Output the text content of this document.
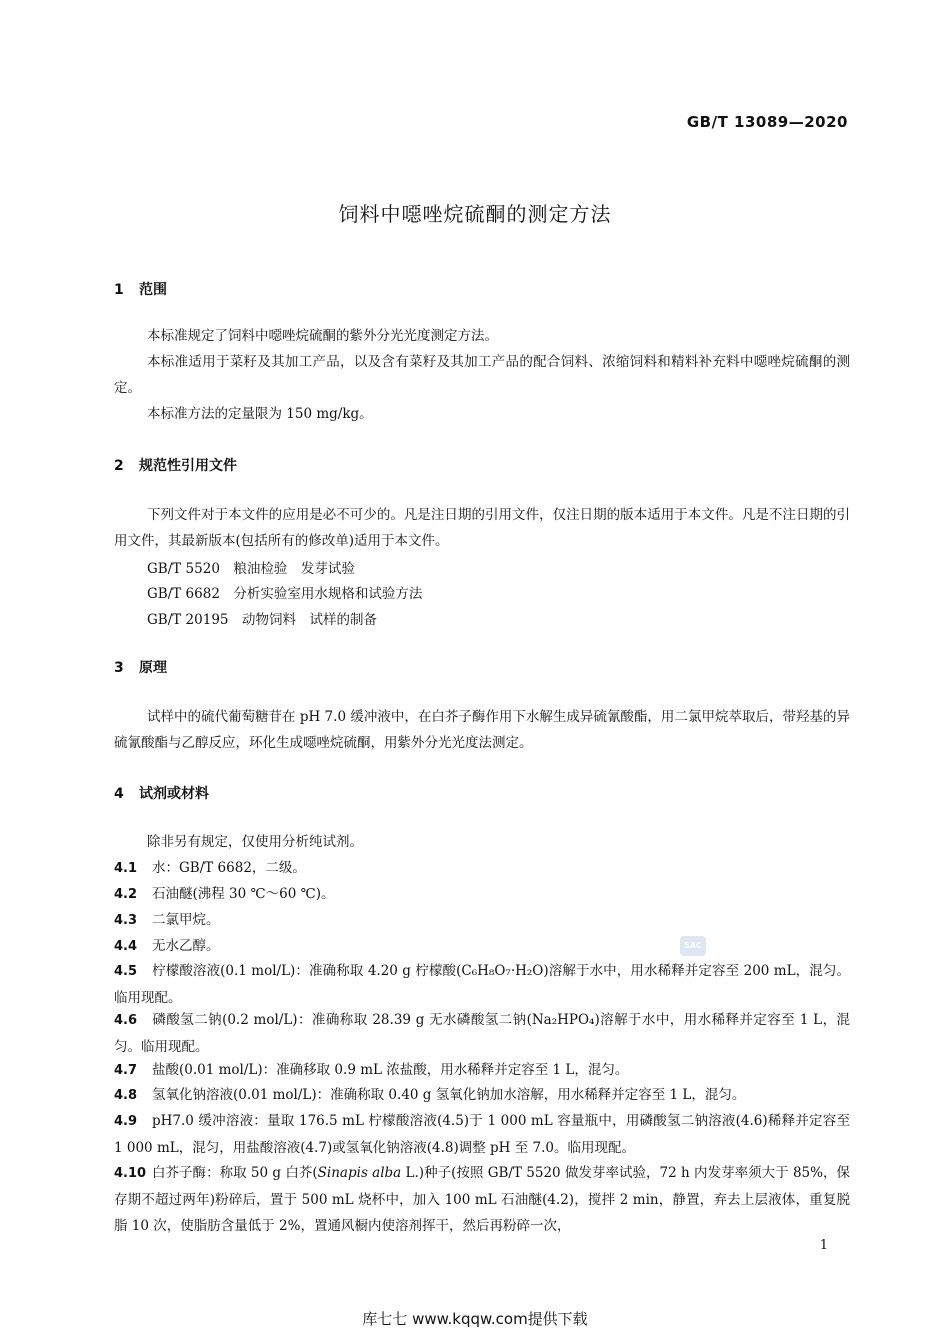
GB/T 13089—2020
饲料中噁唑烷硫酮的测定方法
1 范围
本标准规定了饲料中噁唑烷硫酮的紫外分光光度测定方法。
本标准适用于菜籽及其加工产品，以及含有菜籽及其加工产品的配合饲料、浓缩饲料和精料补充料中噁唑烷硫酮的测定。
本标准方法的定量限为 150 mg/kg。
2 规范性引用文件
下列文件对于本文件的应用是必不可少的。凡是注日期的引用文件，仅注日期的版本适用于本文件。凡是不注日期的引用文件，其最新版本(包括所有的修改单)适用于本文件。
GB/T 5520　粮油检验　发芽试验
GB/T 6682　分析实验室用水规格和试验方法
GB/T 20195　动物饲料　试样的制备
3 原理
试样中的硫代葡萄糖苷在 pH 7.0 缓冲液中，在白芥子酶作用下水解生成异硫氰酸酯，用二氯甲烷萃取后，带羟基的异硫氰酸酯与乙醇反应，环化生成噁唑烷硫酮，用紫外分光光度法测定。
4 试剂或材料
除非另有规定，仅使用分析纯试剂。
4.1 水：GB/T 6682，二级。
4.2 石油醚(沸程 30 ℃～60 ℃)。
4.3 二氯甲烷。
4.4 无水乙醇。
4.5 柠檬酸溶液(0.1 mol/L)：准确称取 4.20 g 柠檬酸(C₆H₈O₇·H₂O)溶解于水中，用水稀释并定容至 200 mL，混匀。临用现配。
4.6 磷酸氢二钠(0.2 mol/L)：准确称取 28.39 g 无水磷酸氢二钠(Na₂HPO₄)溶解于水中，用水稀释并定容至 1 L，混匀。临用现配。
4.7 盐酸(0.01 mol/L)：准确移取 0.9 mL 浓盐酸，用水稀释并定容至 1 L，混匀。
4.8 氢氧化钠溶液(0.01 mol/L)：准确称取 0.40 g 氢氧化钠加水溶解，用水稀释并定容至 1 L，混匀。
4.9 pH7.0 缓冲溶液：量取 176.5 mL 柠檬酸溶液(4.5)于 1 000 mL 容量瓶中，用磷酸氢二钠溶液(4.6)稀释并定容至 1 000 mL，混匀，用盐酸溶液(4.7)或氢氧化钠溶液(4.8)调整 pH 至 7.0。临用现配。
4.10 白芥子酶：称取 50 g 白芥(Sinapis alba L.)种子(按照 GB/T 5520 做发芽率试验，72 h 内发芽率须大于 85%，保存期不超过两年)粉碎后，置于 500 mL 烧杯中，加入 100 mL 石油醚(4.2)，搅拌 2 min，静置，弃去上层液体，重复脱脂 10 次，使脂肪含量低于 2%，置通风橱内使溶剂挥干，然后再粉碎一次，
SAC
1
库七七 www.kqqw.com提供下载
